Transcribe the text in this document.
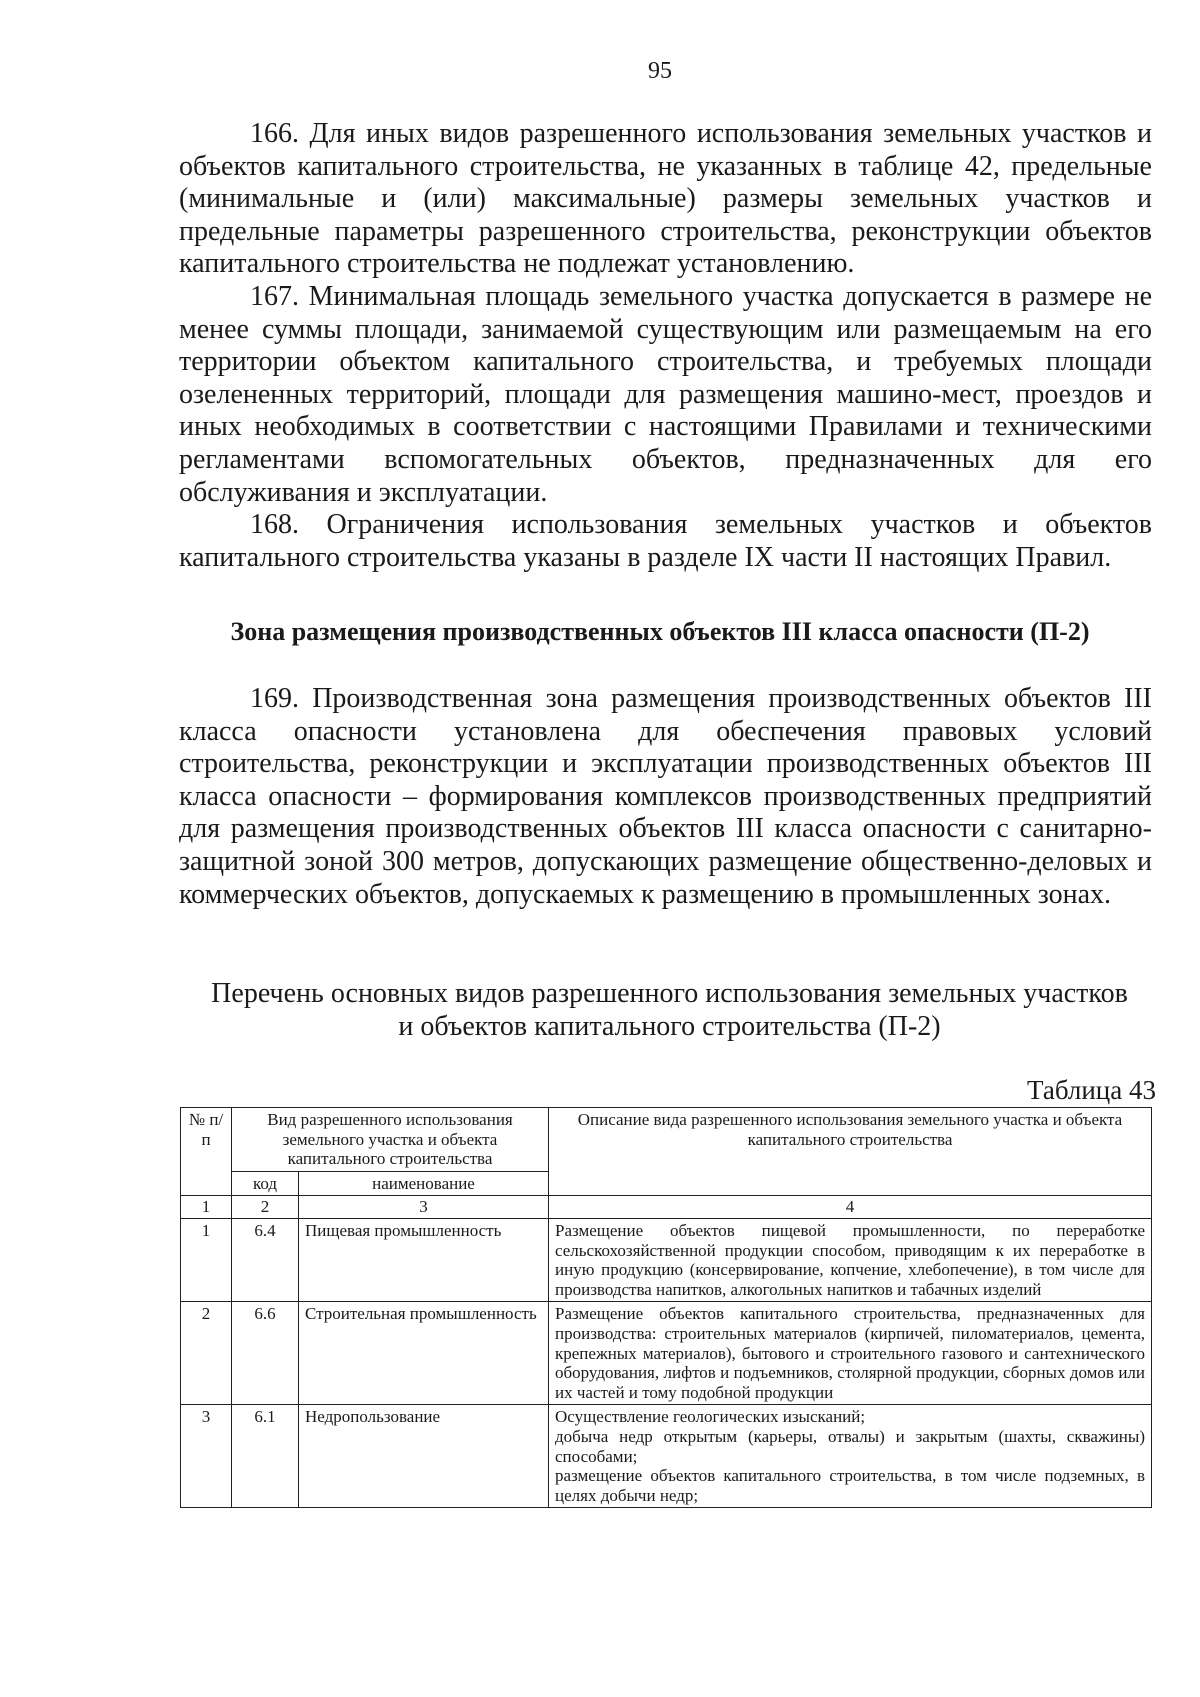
95

166. Для иных видов разрешенного использования земельных участков и объектов капитального строительства, не указанных в таблице 42, предельные (минимальные и (или) максимальные) размеры земельных участков и предельные параметры разрешенного строительства, реконструкции объектов капитального строительства не подлежат установлению.

167. Минимальная площадь земельного участка допускается в размере не менее суммы площади, занимаемой существующим или размещаемым на его территории объектом капитального строительства, и требуемых площади озелененных территорий, площади для размещения машино-мест, проездов и иных необходимых в соответствии с настоящими Правилами и техническими регламентами вспомогательных объектов, предназначенных для его обслуживания и эксплуатации.

168. Ограничения использования земельных участков и объектов капитального строительства указаны в разделе IX части II настоящих Правил.

Зона размещения производственных объектов III класса опасности (П-2)

169. Производственная зона размещения производственных объектов III класса опасности установлена для обеспечения правовых условий строительства, реконструкции и эксплуатации производственных объектов III класса опасности – формирования комплексов производственных предприятий для размещения производственных объектов III класса опасности с санитарно-защитной зоной 300 метров, допускающих размещение общественно-деловых и коммерческих объектов, допускаемых к размещению в промышленных зонах.

Перечень основных видов разрешенного использования земельных участков
и объектов капитального строительства (П-2)
Таблица 43
№ п/п	Вид разрешенного использования земельного участка и объекта капитального строительства		Описание вида разрешенного использования земельного участка и объекта капитального строительства
	код	наименование	
1	2	3	4
1	6.4	Пищевая промышленность	Размещение объектов пищевой промышленности, по переработке сельскохозяйственной продукции способом, приводящим к их переработке в иную продукцию (консервирование, копчение, хлебопечение), в том числе для производства напитков, алкогольных напитков и табачных изделий
2	6.6	Строительная промышленность	Размещение объектов капитального строительства, предназначенных для производства: строительных материалов (кирпичей, пиломатериалов, цемента, крепежных материалов), бытового и строительного газового и сантехнического оборудования, лифтов и подъемников, столярной продукции, сборных домов или их частей и тому подобной продукции
3	6.1	Недропользование	Осуществление геологических изысканий;
добыча недр открытым (карьеры, отвалы) и закрытым (шахты, скважины) способами;
размещение объектов капитального строительства, в том числе подземных, в целях добычи недр;
